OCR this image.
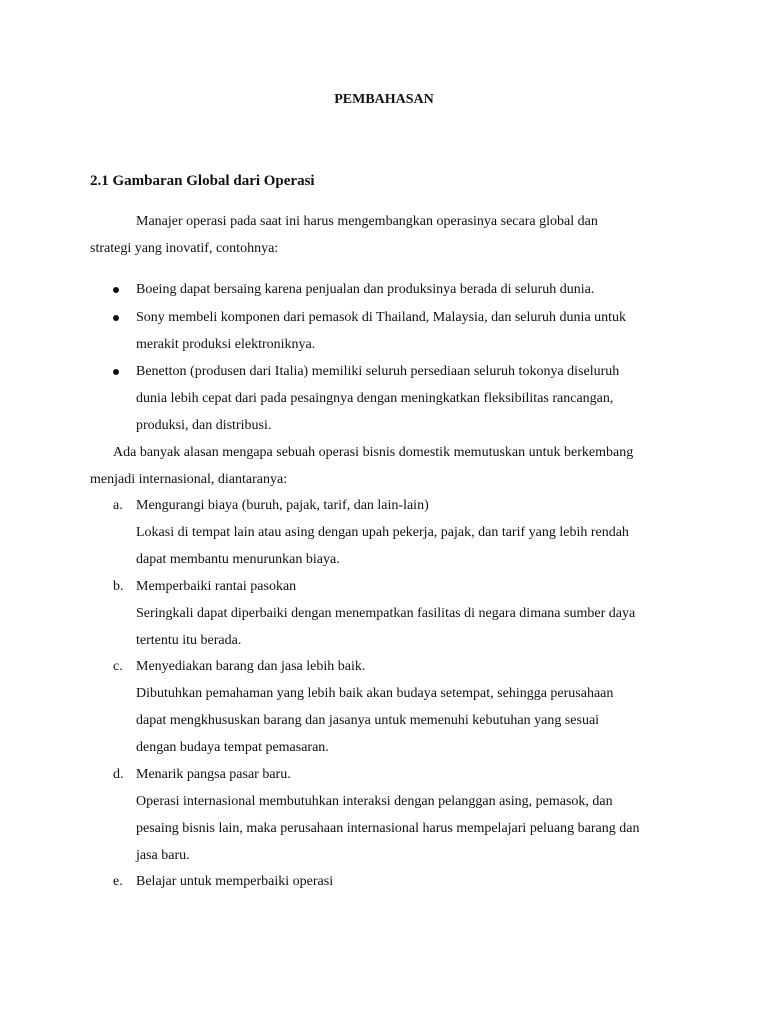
PEMBAHASAN
2.1 Gambaran Global dari Operasi
Manajer operasi pada saat ini harus mengembangkan operasinya secara global dan
strategi yang inovatif, contohnya:
Boeing dapat bersaing karena penjualan dan produksinya berada di seluruh dunia.
Sony membeli komponen dari pemasok di Thailand, Malaysia, dan seluruh dunia untuk
merakit produksi elektroniknya.
Benetton (produsen dari Italia) memiliki seluruh persediaan seluruh tokonya diseluruh
dunia lebih cepat dari pada pesaingnya dengan meningkatkan fleksibilitas rancangan,
produksi, dan distribusi.
Ada banyak alasan mengapa sebuah operasi bisnis domestik memutuskan untuk berkembang
menjadi internasional, diantaranya:
a. Mengurangi biaya (buruh, pajak, tarif, dan lain-lain)
Lokasi di tempat lain atau asing dengan upah pekerja, pajak, dan tarif yang lebih rendah
dapat membantu menurunkan biaya.
b. Memperbaiki rantai pasokan
Seringkali dapat diperbaiki dengan menempatkan fasilitas di negara dimana sumber daya
tertentu itu berada.
c. Menyediakan barang dan jasa lebih baik.
Dibutuhkan pemahaman yang lebih baik akan budaya setempat, sehingga perusahaan
dapat mengkhususkan barang dan jasanya untuk memenuhi kebutuhan yang sesuai
dengan budaya tempat pemasaran.
d. Menarik pangsa pasar baru.
Operasi internasional membutuhkan interaksi dengan pelanggan asing, pemasok, dan
pesaing bisnis lain, maka perusahaan internasional harus mempelajari peluang barang dan
jasa baru.
e. Belajar untuk memperbaiki operasi
